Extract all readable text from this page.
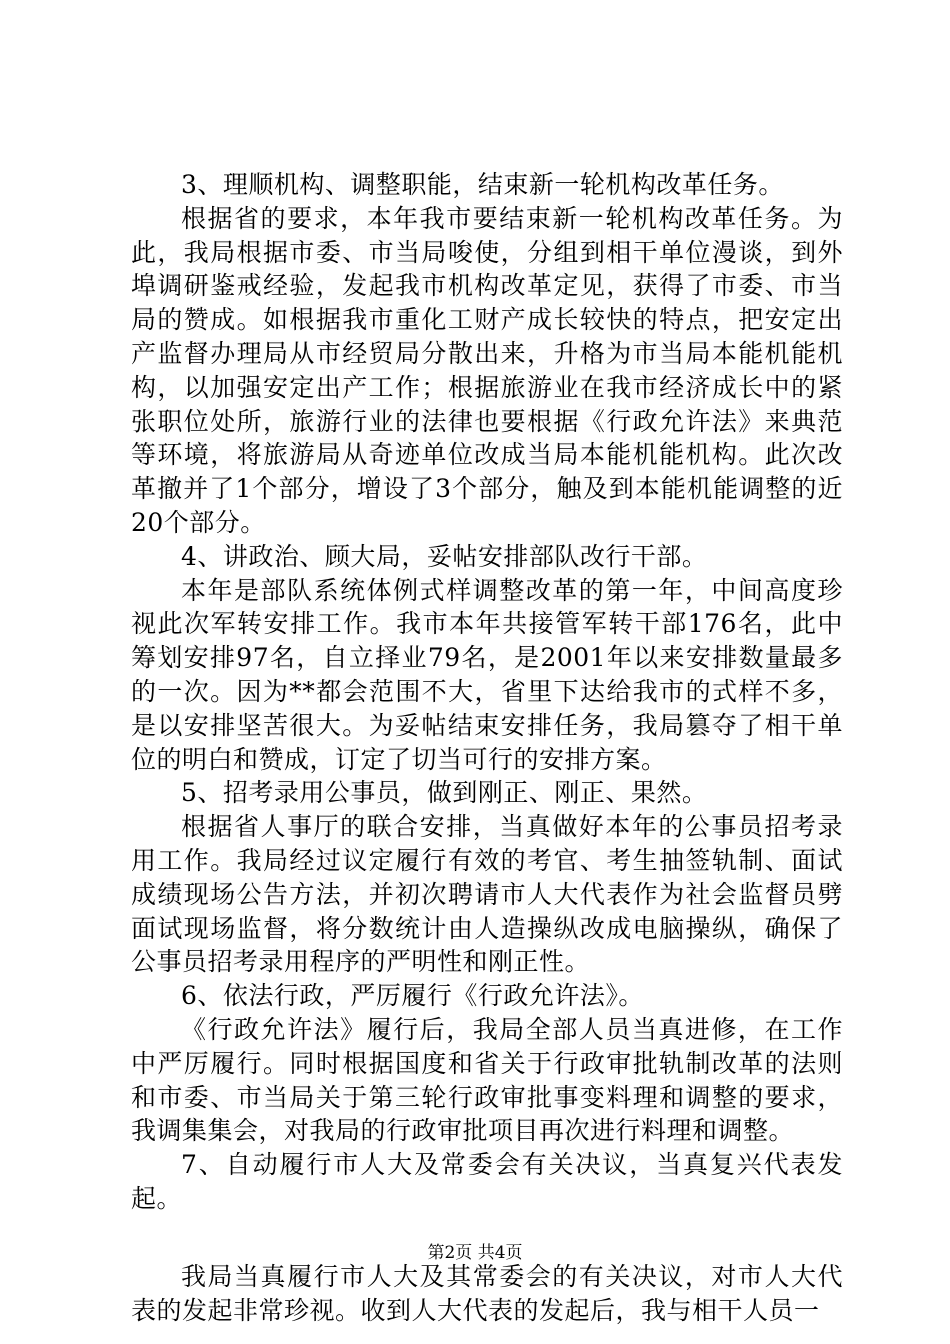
3、理顺机构、调整职能，结束新一轮机构改革任务。

根据省的要求，本年我市要结束新一轮机构改革任务。为此，我局根据市委、市当局唆使，分组到相干单位漫谈，到外埠调研鉴戒经验，发起我市机构改革定见，获得了市委、市当局的赞成。如根据我市重化工财产成长较快的特点，把安定出产监督办理局从市经贸局分散出来，升格为市当局本能机能机构，以加强安定出产工作；根据旅游业在我市经济成长中的紧张职位处所，旅游行业的法律也要根据《行政允许法》来典范等环境，将旅游局从奇迹单位改成当局本能机能机构。此次改革撤并了1个部分，增设了3个部分，触及到本能机能调整的近20个部分。

4、讲政治、顾大局，妥帖安排部队改行干部。

本年是部队系统体例式样调整改革的第一年，中间高度珍视此次军转安排工作。我市本年共接管军转干部176名，此中筹划安排97名，自立择业79名，是2001年以来安排数量最多的一次。因为**都会范围不大，省里下达给我市的式样不多，是以安排坚苦很大。为妥帖结束安排任务，我局篡夺了相干单位的明白和赞成，订定了切当可行的安排方案。

5、招考录用公事员，做到刚正、刚正、果然。

根据省人事厅的联合安排，当真做好本年的公事员招考录用工作。我局经过议定履行有效的考官、考生抽签轨制、面试成绩现场公告方法，并初次聘请市人大代表作为社会监督员劈面试现场监督，将分数统计由人造操纵改成电脑操纵，确保了公事员招考录用程序的严明性和刚正性。

6、依法行政，严厉履行《行政允许法》。

《行政允许法》履行后，我局全部人员当真进修，在工作中严厉履行。同时根据国度和省关于行政审批轨制改革的法则和市委、市当局关于第三轮行政审批事变料理和调整的要求，我调集集会，对我局的行政审批项目再次进行料理和调整。

7、自动履行市人大及常委会有关决议，当真复兴代表发起。

我局当真履行市人大及其常委会的有关决议，对市人大代表的发起非常珍视。收到人大代表的发起后，我与相干人员一

第2页 共4页
